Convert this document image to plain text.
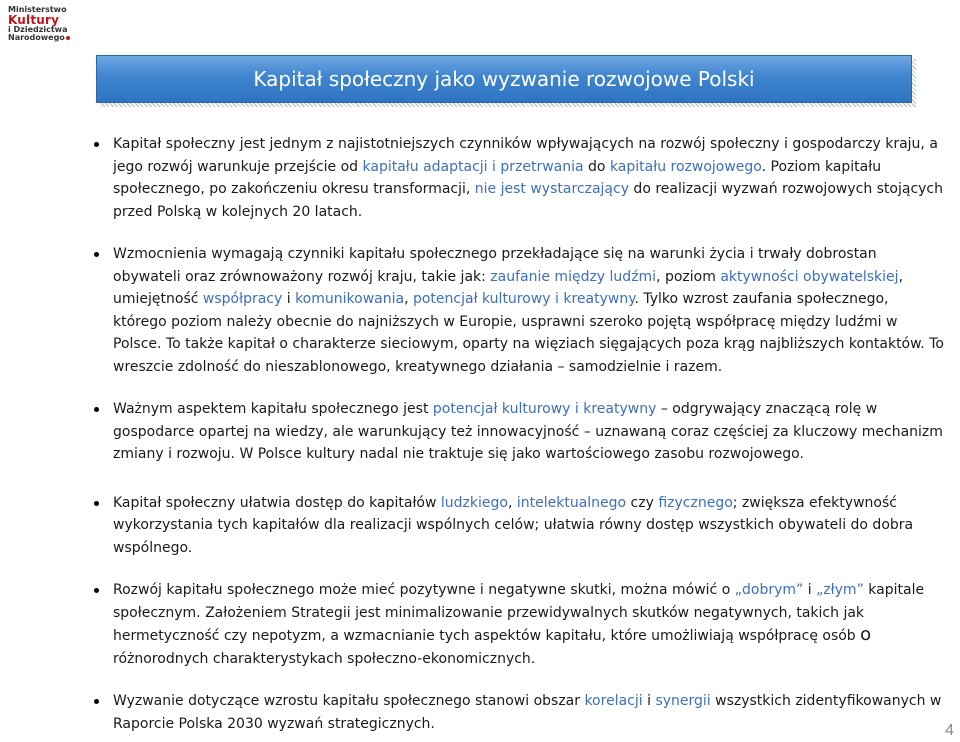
Ministerstwo
Kultury
i Dziedzictwa
Narodowego
Kapitał społeczny jako wyzwanie rozwojowe Polski
Kapitał społeczny jest jednym z najistotniejszych czynników wpływających na rozwój społeczny i gospodarczy kraju, a jego rozwój warunkuje przejście od kapitału adaptacji i przetrwania do kapitału rozwojowego. Poziom kapitału społecznego, po zakończeniu okresu transformacji, nie jest wystarczający do realizacji wyzwań rozwojowych stojących przed Polską w kolejnych 20 latach.
Wzmocnienia wymagają czynniki kapitału społecznego przekładające się na warunki życia i trwały dobrostan obywateli oraz zrównoważony rozwój kraju, takie jak: zaufanie między ludźmi, poziom aktywności obywatelskiej, umiejętność współpracy i komunikowania, potencjał kulturowy i kreatywny. Tylko wzrost zaufania społecznego, którego poziom należy obecnie do najniższych w Europie, usprawni szeroko pojętą współpracę między ludźmi w Polsce. To także kapitał o charakterze sieciowym, oparty na więziach sięgających poza krąg najbliższych kontaktów. To wreszcie zdolność do nieszablonowego, kreatywnego działania – samodzielnie i razem.
Ważnym aspektem kapitału społecznego jest potencjał kulturowy i kreatywny – odgrywający znaczącą rolę w gospodarce opartej na wiedzy, ale warunkujący też innowacyjność – uznawaną coraz częściej za kluczowy mechanizm zmiany i rozwoju. W Polsce kultury nadal nie traktuje się jako wartościowego zasobu rozwojowego.
Kapitał społeczny ułatwia dostęp do kapitałów ludzkiego, intelektualnego czy fizycznego; zwiększa efektywność wykorzystania tych kapitałów dla realizacji wspólnych celów; ułatwia równy dostęp wszystkich obywateli do dobra wspólnego.
Rozwój kapitału społecznego może mieć pozytywne i negatywne skutki, można mówić o „dobrym” i „złym” kapitale społecznym. Założeniem Strategii jest minimalizowanie przewidywalnych skutków negatywnych, takich jak hermetyczność czy nepotyzm, a wzmacnianie tych aspektów kapitału, które umożliwiają współpracę osób o różnorodnych charakterystykach społeczno-ekonomicznych.
Wyzwanie dotyczące wzrostu kapitału społecznego stanowi obszar korelacji i synergii wszystkich zidentyfikowanych w Raporcie Polska 2030 wyzwań strategicznych.	4
